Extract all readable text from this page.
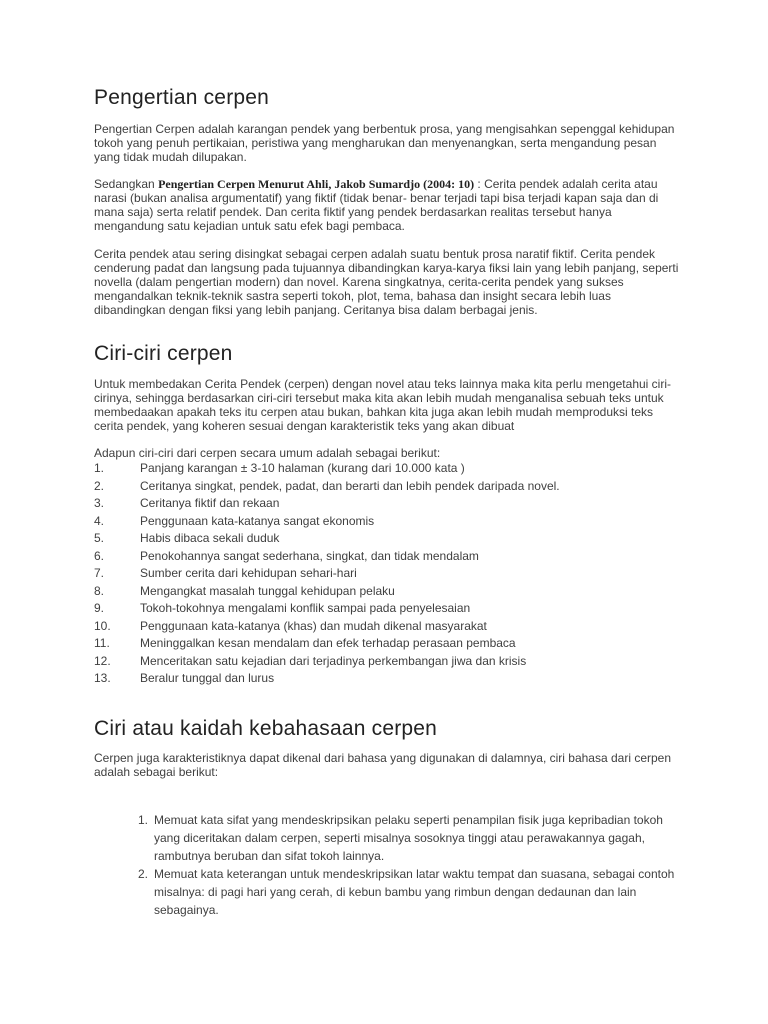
Pengertian cerpen

Pengertian Cerpen adalah karangan pendek yang berbentuk prosa, yang mengisahkan sepenggal kehidupan tokoh yang penuh pertikaian, peristiwa yang mengharukan dan menyenangkan, serta mengandung pesan yang tidak mudah dilupakan.

Sedangkan Pengertian Cerpen Menurut Ahli, Jakob Sumardjo (2004: 10) : Cerita pendek adalah cerita atau narasi (bukan analisa argumentatif) yang fiktif (tidak benar- benar terjadi tapi bisa terjadi kapan saja dan di mana saja) serta relatif pendek. Dan cerita fiktif yang pendek berdasarkan realitas tersebut hanya mengandung satu kejadian untuk satu efek bagi pembaca.

Cerita pendek atau sering disingkat sebagai cerpen adalah suatu bentuk prosa naratif fiktif. Cerita pendek cenderung padat dan langsung pada tujuannya dibandingkan karya-karya fiksi lain yang lebih panjang, seperti novella (dalam pengertian modern) dan novel. Karena singkatnya, cerita-cerita pendek yang sukses mengandalkan teknik-teknik sastra seperti tokoh, plot, tema, bahasa dan insight secara lebih luas dibandingkan dengan fiksi yang lebih panjang. Ceritanya bisa dalam berbagai jenis.

Ciri-ciri cerpen

Untuk membedakan Cerita Pendek (cerpen) dengan novel atau teks lainnya maka kita perlu mengetahui ciri-cirinya, sehingga berdasarkan ciri-ciri tersebut maka kita akan lebih mudah menganalisa sebuah teks untuk membedaakan apakah teks itu cerpen atau bukan, bahkan kita juga akan lebih mudah memproduksi teks cerita pendek, yang koheren sesuai dengan karakteristik teks yang akan dibuat

Adapun ciri-ciri dari cerpen secara umum adalah sebagai berikut:

1.	Panjang karangan ± 3-10 halaman (kurang dari 10.000 kata )
2.	Ceritanya singkat, pendek, padat, dan berarti dan lebih pendek daripada novel.
3.	Ceritanya fiktif dan rekaan
4.	Penggunaan kata-katanya sangat ekonomis
5.	Habis dibaca sekali duduk
6.	Penokohannya sangat sederhana, singkat, dan tidak mendalam
7.	Sumber cerita dari kehidupan sehari-hari
8.	Mengangkat masalah tunggal kehidupan pelaku
9.	Tokoh-tokohnya mengalami konflik sampai pada penyelesaian
10.	Penggunaan kata-katanya (khas) dan mudah dikenal masyarakat
11.	Meninggalkan kesan mendalam dan efek terhadap perasaan pembaca
12.	Menceritakan satu kejadian dari terjadinya perkembangan jiwa dan krisis
13.	Beralur tunggal dan lurus
Ciri atau kaidah kebahasaan cerpen

Cerpen juga karakteristiknya dapat dikenal dari bahasa yang digunakan di dalamnya, ciri bahasa dari cerpen adalah sebagai berikut:

1. Memuat kata sifat yang mendeskripsikan pelaku seperti penampilan fisik juga kepribadian tokoh yang diceritakan dalam cerpen, seperti misalnya sosoknya tinggi atau perawakannya gagah, rambutnya beruban dan sifat tokoh lainnya.
2. Memuat kata keterangan untuk mendeskripsikan latar waktu tempat dan suasana, sebagai contoh misalnya: di pagi hari yang cerah, di kebun bambu yang rimbun dengan dedaunan dan lain sebagainya.
